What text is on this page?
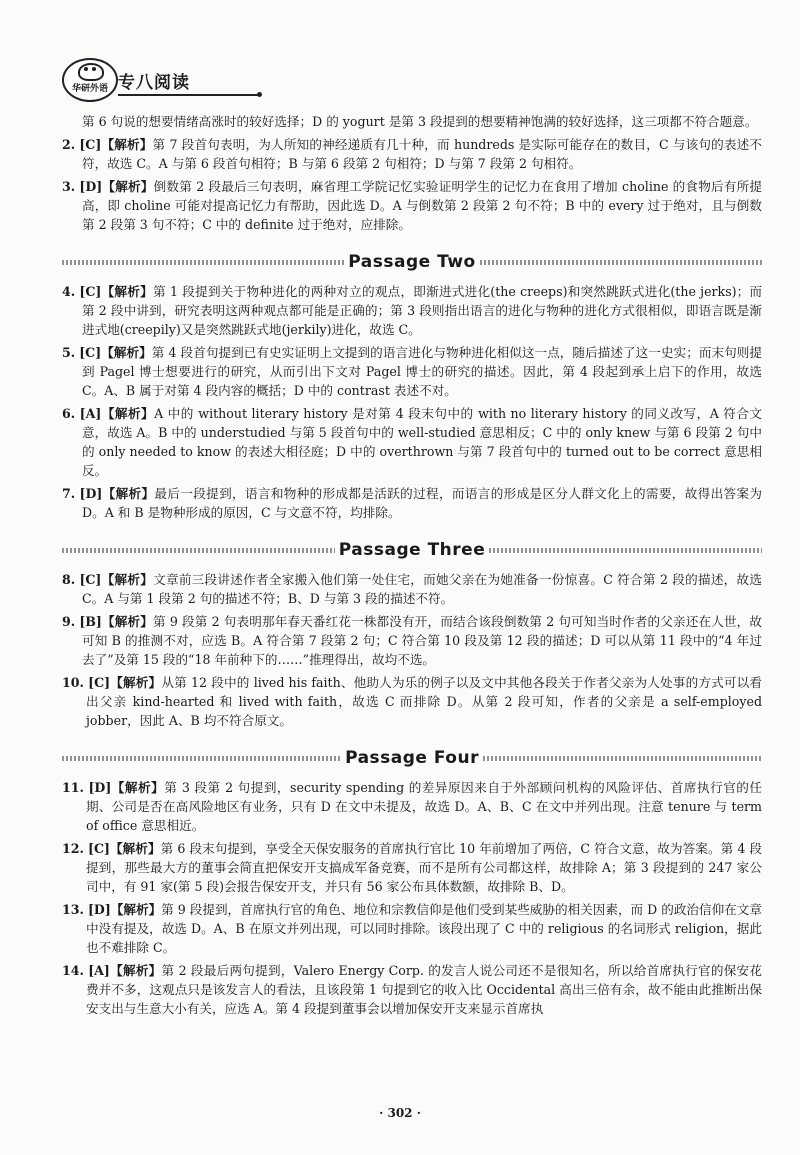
华研外语 专八阅读

第 6 句说的想要情绪高涨时的较好选择；D 的 yogurt 是第 3 段提到的想要精神饱满的较好选择，这三项都不符合题意。

2. [C]【解析】第 7 段首句表明，为人所知的神经递质有几十种，而 hundreds 是实际可能存在的数目，C 与该句的表述不符，故选 C。A 与第 6 段首句相符；B 与第 6 段第 2 句相符；D 与第 7 段第 2 句相符。

3. [D]【解析】倒数第 2 段最后三句表明，麻省理工学院记忆实验证明学生的记忆力在食用了增加 choline 的食物后有所提高，即 choline 可能对提高记忆力有帮助，因此选 D。A 与倒数第 2 段第 2 句不符；B 中的 every 过于绝对，且与倒数第 2 段第 3 句不符；C 中的 definite 过于绝对，应排除。

Passage Two

4. [C]【解析】第 1 段提到关于物种进化的两种对立的观点，即渐进式进化(the creeps)和突然跳跃式进化(the jerks)；而第 2 段中讲到，研究表明这两种观点都可能是正确的；第 3 段则指出语言的进化与物种的进化方式很相似，即语言既是渐进式地(creepily)又是突然跳跃式地(jerkily)进化，故选 C。

5. [C]【解析】第 4 段首句提到已有史实证明上文提到的语言进化与物种进化相似这一点，随后描述了这一史实；而末句则提到 Pagel 博士想要进行的研究，从而引出下文对 Pagel 博士的研究的描述。因此，第 4 段起到承上启下的作用，故选 C。A、B 属于对第 4 段内容的概括；D 中的 contrast 表述不对。

6. [A]【解析】A 中的 without literary history 是对第 4 段末句中的 with no literary history 的同义改写，A 符合文意，故选 A。B 中的 understudied 与第 5 段首句中的 well-studied 意思相反；C 中的 only knew 与第 6 段第 2 句中的 only needed to know 的表述大相径庭；D 中的 overthrown 与第 7 段首句中的 turned out to be correct 意思相反。

7. [D]【解析】最后一段提到，语言和物种的形成都是活跃的过程，而语言的形成是区分人群文化上的需要，故得出答案为 D。A 和 B 是物种形成的原因，C 与文意不符，均排除。

Passage Three

8. [C]【解析】文章前三段讲述作者全家搬入他们第一处住宅，而她父亲在为她准备一份惊喜。C 符合第 2 段的描述，故选 C。A 与第 1 段第 2 句的描述不符；B、D 与第 3 段的描述不符。

9. [B]【解析】第 9 段第 2 句表明那年春天番红花一株都没有开，而结合该段倒数第 2 句可知当时作者的父亲还在人世，故可知 B 的推测不对，应选 B。A 符合第 7 段第 2 句；C 符合第 10 段及第 12 段的描述；D 可以从第 11 段中的“4 年过去了”及第 15 段的“18 年前种下的……”推理得出，故均不选。

10. [C]【解析】从第 12 段中的 lived his faith、他助人为乐的例子以及文中其他各段关于作者父亲为人处事的方式可以看出父亲 kind-hearted 和 lived with faith，故选 C 而排除 D。从第 2 段可知，作者的父亲是 a self-employed jobber，因此 A、B 均不符合原文。

Passage Four

11. [D]【解析】第 3 段第 2 句提到，security spending 的差异原因来自于外部顾问机构的风险评估、首席执行官的任期、公司是否在高风险地区有业务，只有 D 在文中未提及，故选 D。A、B、C 在文中并列出现。注意 tenure 与 term of office 意思相近。

12. [C]【解析】第 6 段末句提到，享受全天保安服务的首席执行官比 10 年前增加了两倍，C 符合文意，故为答案。第 4 段提到，那些最大方的董事会简直把保安开支搞成军备竞赛，而不是所有公司都这样，故排除 A；第 3 段提到的 247 家公司中，有 91 家(第 5 段)会报告保安开支，并只有 56 家公布具体数额，故排除 B、D。

13. [D]【解析】第 9 段提到，首席执行官的角色、地位和宗教信仰是他们受到某些威胁的相关因素，而 D 的政治信仰在文章中没有提及，故选 D。A、B 在原文并列出现，可以同时排除。该段出现了 C 中的 religious 的名词形式 religion，据此也不难排除 C。

14. [A]【解析】第 2 段最后两句提到，Valero Energy Corp. 的发言人说公司还不是很知名，所以给首席执行官的保安花费并不多，这观点只是该发言人的看法，且该段第 1 句提到它的收入比 Occidental 高出三倍有余，故不能由此推断出保安支出与生意大小有关，应选 A。第 4 段提到董事会以增加保安开支来显示首席执

· 302 ·
